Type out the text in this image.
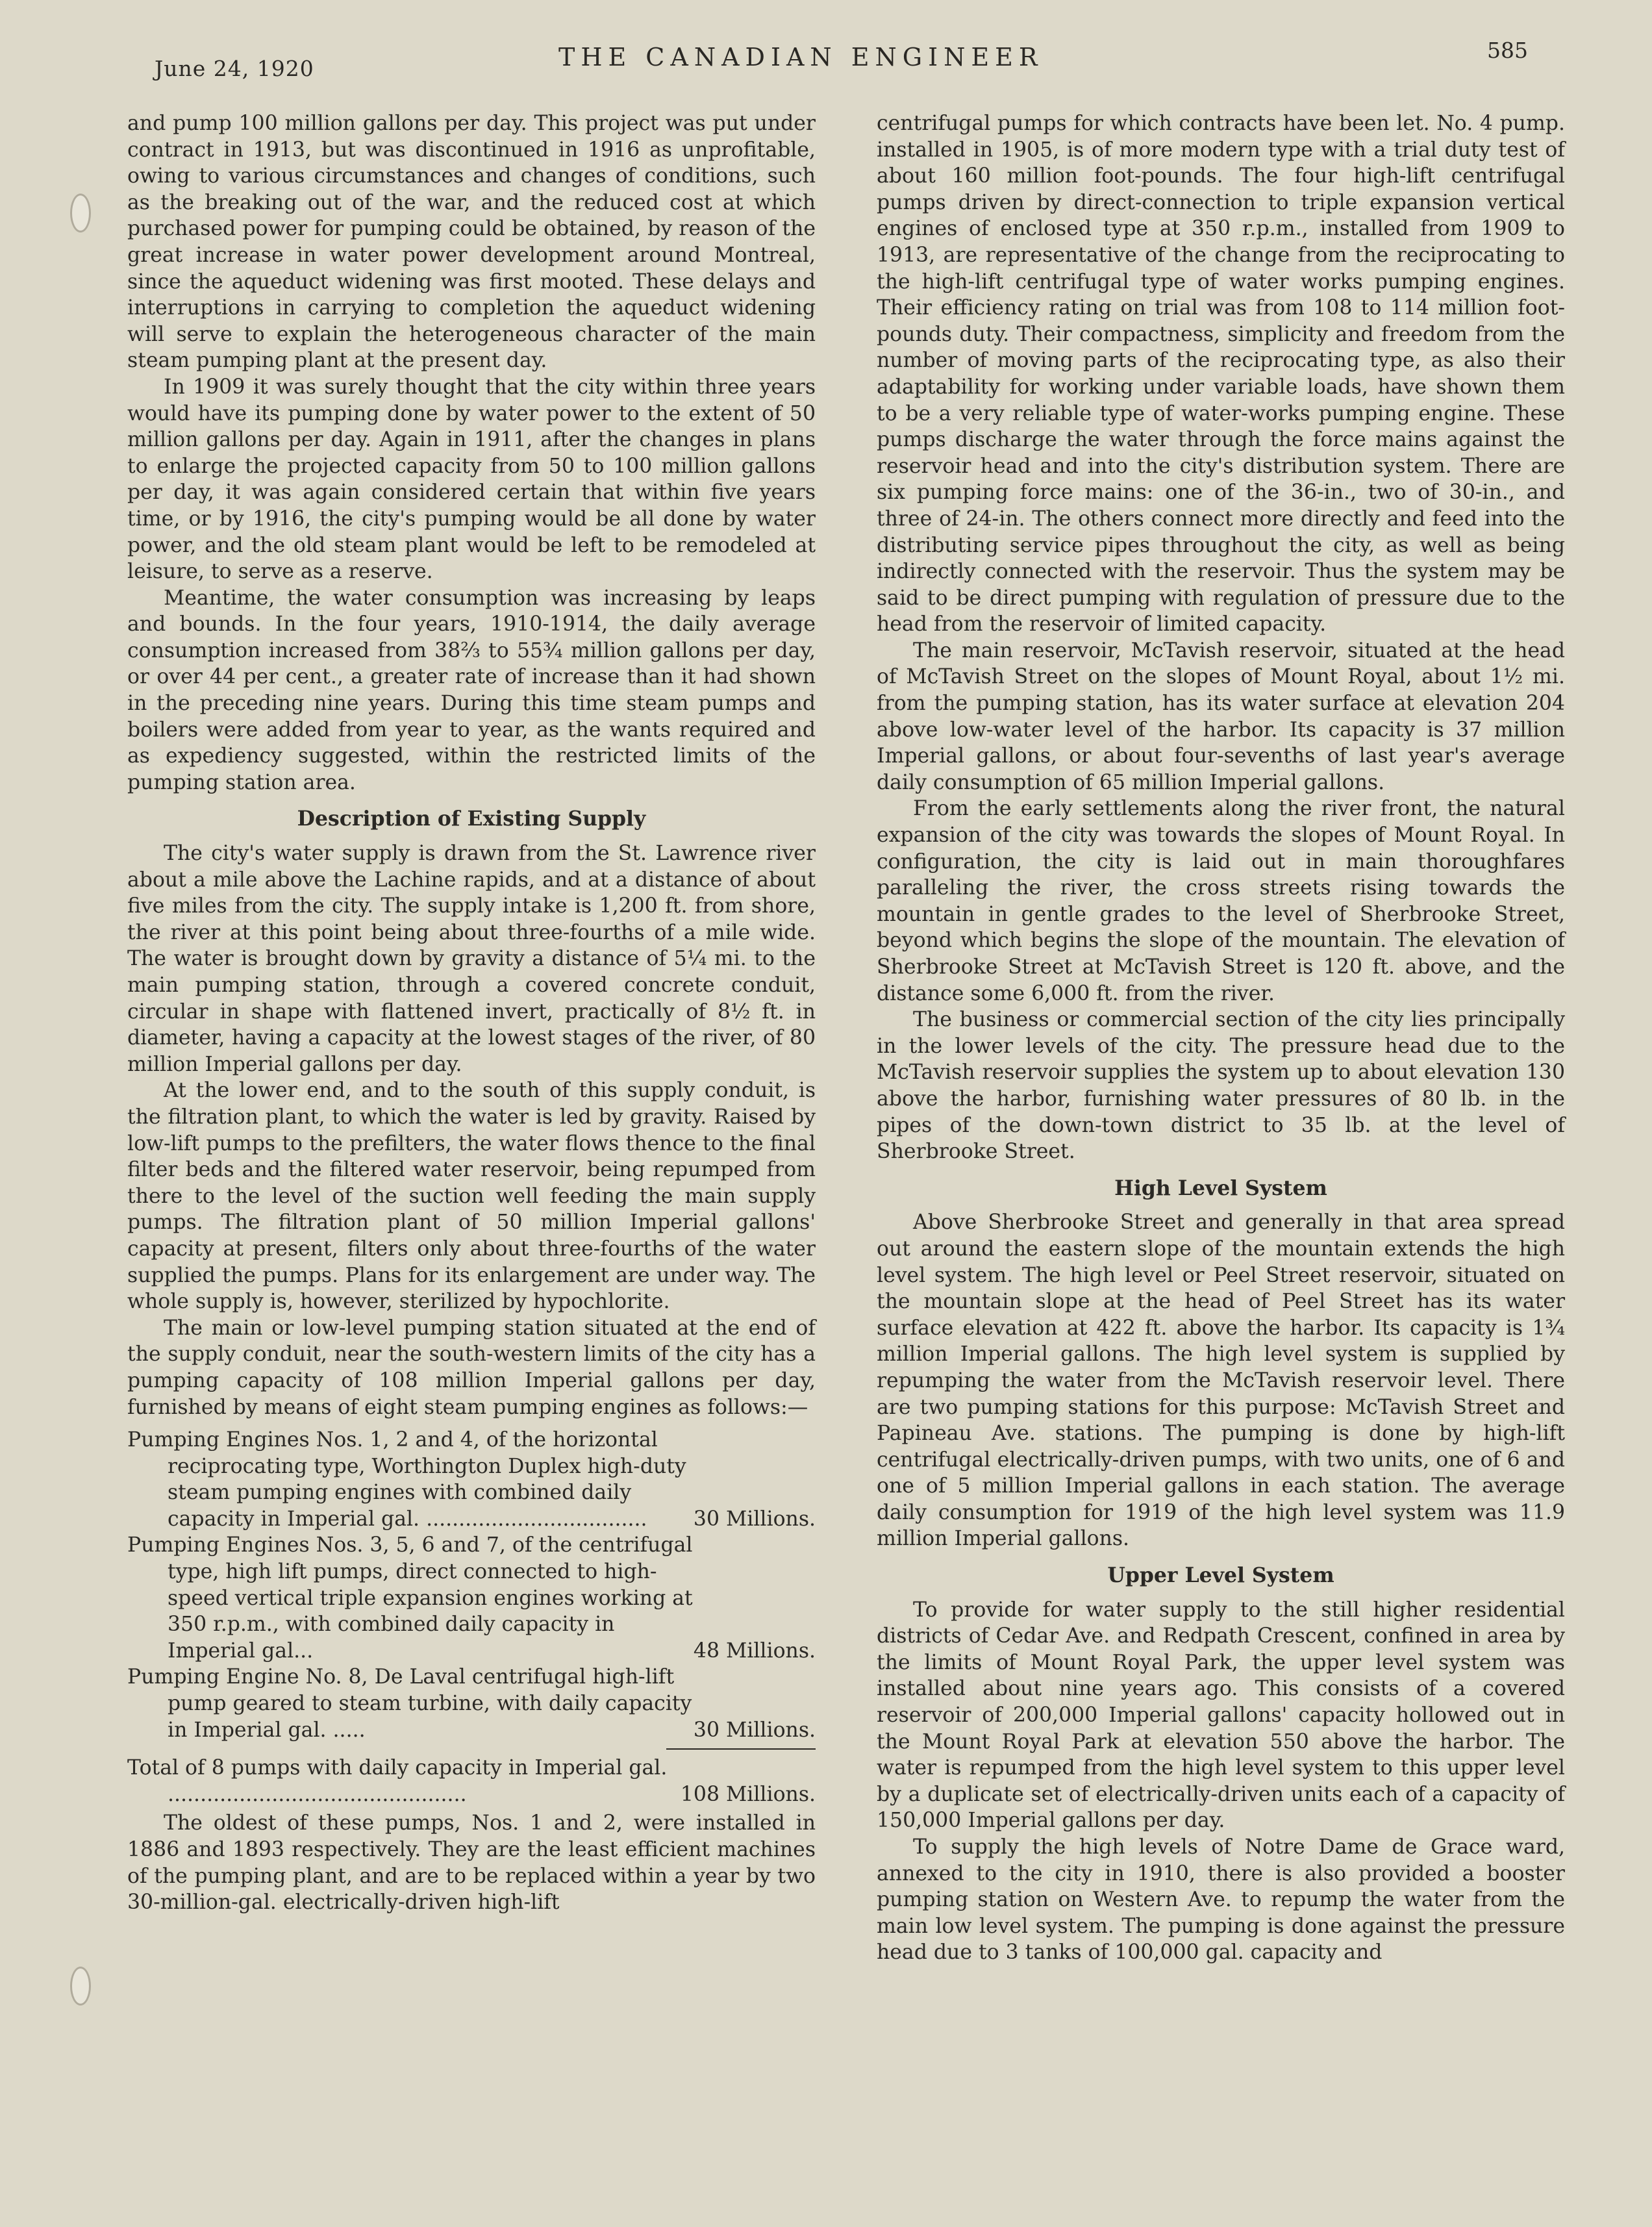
June 24, 1920	THE CANADIAN ENGINEER	585

and pump 100 million gallons per day. This project was put under contract in 1913, but was discontinued in 1916 as unprofitable, owing to various circumstances and changes of conditions, such as the breaking out of the war, and the reduced cost at which purchased power for pumping could be obtained, by reason of the great increase in water power development around Montreal, since the aqueduct widening was first mooted. These delays and interruptions in carrying to completion the aqueduct widening will serve to explain the heterogeneous character of the main steam pumping plant at the present day.

In 1909 it was surely thought that the city within three years would have its pumping done by water power to the extent of 50 million gallons per day. Again in 1911, after the changes in plans to enlarge the projected capacity from 50 to 100 million gallons per day, it was again considered certain that within five years time, or by 1916, the city's pumping would be all done by water power, and the old steam plant would be left to be remodeled at leisure, to serve as a reserve.

Meantime, the water consumption was increasing by leaps and bounds. In the four years, 1910-1914, the daily average consumption increased from 38⅔ to 55¾ million gallons per day, or over 44 per cent., a greater rate of increase than it had shown in the preceding nine years. During this time steam pumps and boilers were added from year to year, as the wants required and as expediency suggested, within the restricted limits of the pumping station area.

Description of Existing Supply

The city's water supply is drawn from the St. Lawrence river about a mile above the Lachine rapids, and at a distance of about five miles from the city. The supply intake is 1,200 ft. from shore, the river at this point being about three-fourths of a mile wide. The water is brought down by gravity a distance of 5¼ mi. to the main pumping station, through a covered concrete conduit, circular in shape with flattened invert, practically of 8½ ft. in diameter, having a capacity at the lowest stages of the river, of 80 million Imperial gallons per day.

At the lower end, and to the south of this supply conduit, is the filtration plant, to which the water is led by gravity. Raised by low-lift pumps to the prefilters, the water flows thence to the final filter beds and the filtered water reservoir, being repumped from there to the level of the suction well feeding the main supply pumps. The filtration plant of 50 million Imperial gallons' capacity at present, filters only about three-fourths of the water supplied the pumps. Plans for its enlargement are under way. The whole supply is, however, sterilized by hypochlorite.

The main or low-level pumping station situated at the end of the supply conduit, near the south-western limits of the city has a pumping capacity of 108 million Imperial gallons per day, furnished by means of eight steam pumping engines as follows:—

Pumping Engines Nos. 1, 2 and 4, of the horizontal reciprocating type, Worthington Duplex high-duty steam pumping engines with combined daily capacity in Imperial gal. ..................................	30 Millions.
Pumping Engines Nos. 3, 5, 6 and 7, of the centrifugal type, high lift pumps, direct connected to high-speed vertical triple expansion engines working at 350 r.p.m., with combined daily capacity in Imperial gal...	48 Millions.
Pumping Engine No. 8, De Laval centrifugal high-lift pump geared to steam turbine, with daily capacity in Imperial gal. .....	30 Millions.
Total of 8 pumps with daily capacity in Imperial gal. ..............................................	108 Millions.

The oldest of these pumps, Nos. 1 and 2, were installed in 1886 and 1893 respectively. They are the least efficient machines of the pumping plant, and are to be replaced within a year by two 30-million-gal. electrically-driven high-lift

centrifugal pumps for which contracts have been let. No. 4 pump. installed in 1905, is of more modern type with a trial duty test of about 160 million foot-pounds. The four high-lift centrifugal pumps driven by direct-connection to triple expansion vertical engines of enclosed type at 350 r.p.m., installed from 1909 to 1913, are representative of the change from the reciprocating to the high-lift centrifugal type of water works pumping engines. Their efficiency rating on trial was from 108 to 114 million foot-pounds duty. Their compactness, simplicity and freedom from the number of moving parts of the reciprocating type, as also their adaptability for working under variable loads, have shown them to be a very reliable type of water-works pumping engine. These pumps discharge the water through the force mains against the reservoir head and into the city's distribution system. There are six pumping force mains: one of the 36-in., two of 30-in., and three of 24-in. The others connect more directly and feed into the distributing service pipes throughout the city, as well as being indirectly connected with the reservoir. Thus the system may be said to be direct pumping with regulation of pressure due to the head from the reservoir of limited capacity.

The main reservoir, McTavish reservoir, situated at the head of McTavish Street on the slopes of Mount Royal, about 1½ mi. from the pumping station, has its water surface at elevation 204 above low-water level of the harbor. Its capacity is 37 million Imperial gallons, or about four-sevenths of last year's average daily consumption of 65 million Imperial gallons.

From the early settlements along the river front, the natural expansion of the city was towards the slopes of Mount Royal. In configuration, the city is laid out in main thoroughfares paralleling the river, the cross streets rising towards the mountain in gentle grades to the level of Sherbrooke Street, beyond which begins the slope of the mountain. The elevation of Sherbrooke Street at McTavish Street is 120 ft. above, and the distance some 6,000 ft. from the river.

The business or commercial section of the city lies principally in the lower levels of the city. The pressure head due to the McTavish reservoir supplies the system up to about elevation 130 above the harbor, furnishing water pressures of 80 lb. in the pipes of the down-town district to 35 lb. at the level of Sherbrooke Street.

High Level System

Above Sherbrooke Street and generally in that area spread out around the eastern slope of the mountain extends the high level system. The high level or Peel Street reservoir, situated on the mountain slope at the head of Peel Street has its water surface elevation at 422 ft. above the harbor. Its capacity is 1¾ million Imperial gallons. The high level system is supplied by repumping the water from the McTavish reservoir level. There are two pumping stations for this purpose: McTavish Street and Papineau Ave. stations. The pumping is done by high-lift centrifugal electrically-driven pumps, with two units, one of 6 and one of 5 million Imperial gallons in each station. The average daily consumption for 1919 of the high level system was 11.9 million Imperial gallons.

Upper Level System

To provide for water supply to the still higher residential districts of Cedar Ave. and Redpath Crescent, confined in area by the limits of Mount Royal Park, the upper level system was installed about nine years ago. This consists of a covered reservoir of 200,000 Imperial gallons' capacity hollowed out in the Mount Royal Park at elevation 550 above the harbor. The water is repumped from the high level system to this upper level by a duplicate set of electrically-driven units each of a capacity of 150,000 Imperial gallons per day.

To supply the high levels of Notre Dame de Grace ward, annexed to the city in 1910, there is also provided a booster pumping station on Western Ave. to repump the water from the main low level system. The pumping is done against the pressure head due to 3 tanks of 100,000 gal. capacity and
